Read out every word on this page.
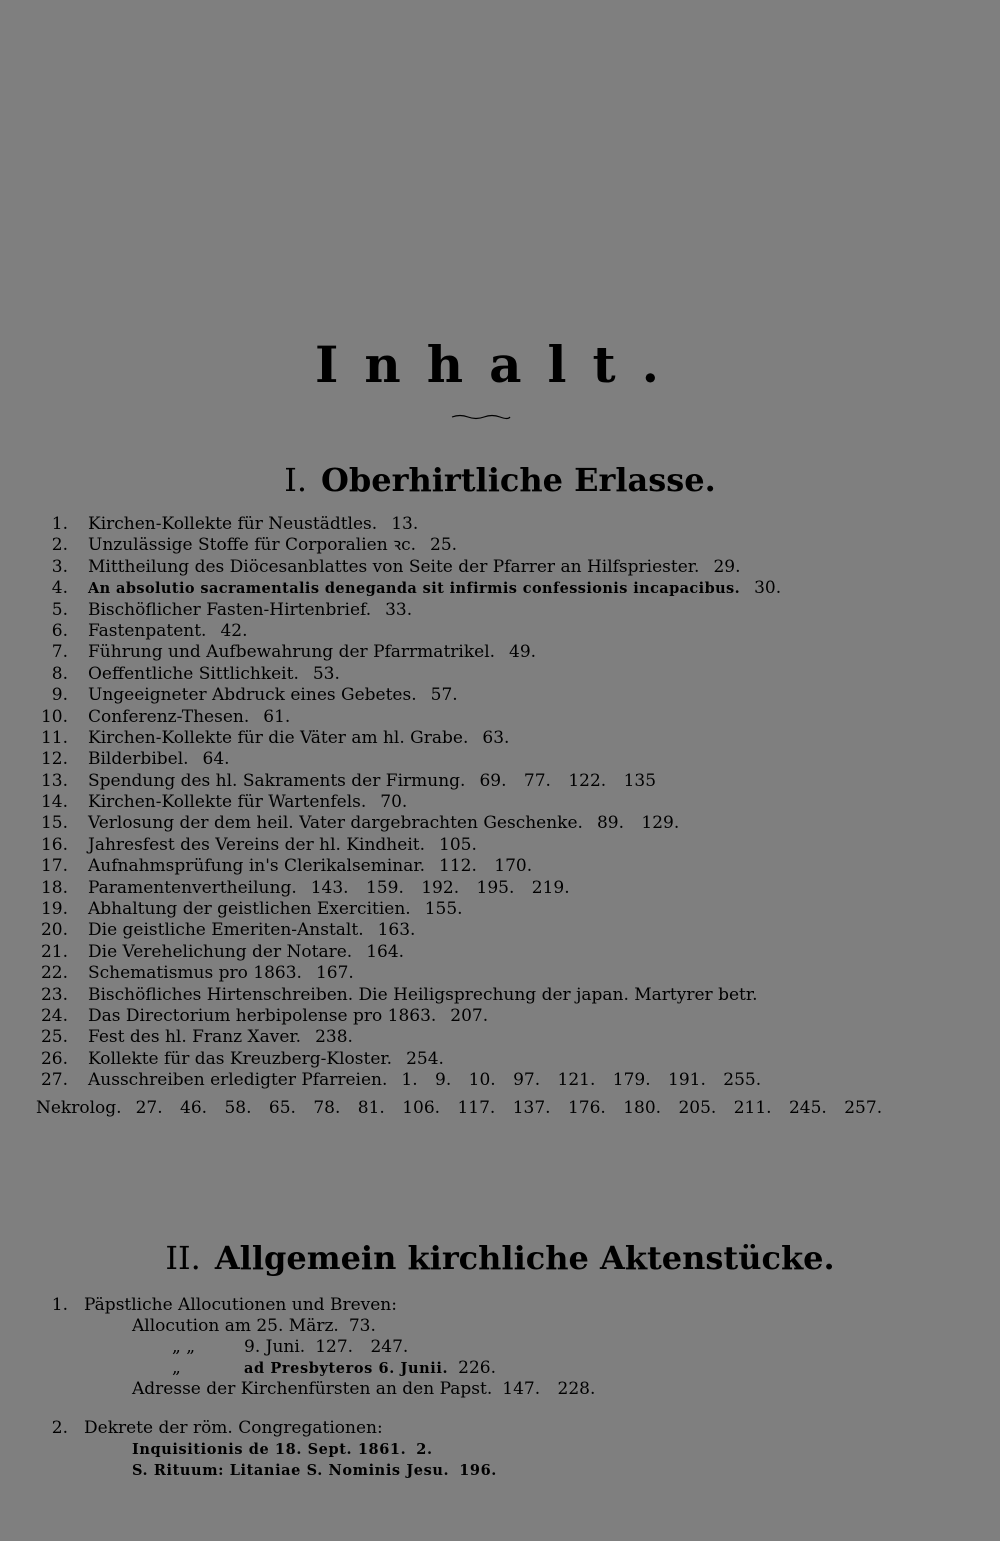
Inhalt.
I. Oberhirtliche Erlasse.
1. Kirchen-Kollekte für Neustädtles. 13.
2. Unzulässige Stoffe für Corporalien ꝛc. 25.
3. Mittheilung des Diöcesanblattes von Seite der Pfarrer an Hilfspriester. 29.
4. An absolutio sacramentalis deneganda sit infirmis confessionis incapacibus. 30.
5. Bischöflicher Fasten-Hirtenbrief. 33.
6. Fastenpatent. 42.
7. Führung und Aufbewahrung der Pfarrmatrikel. 49.
8. Oeffentliche Sittlichkeit. 53.
9. Ungeeigneter Abdruck eines Gebetes. 57.
10. Conferenz-Thesen. 61.
11. Kirchen-Kollekte für die Väter am hl. Grabe. 63.
12. Bilderbibel. 64.
13. Spendung des hl. Sakraments der Firmung. 69. 77. 122. 135
14. Kirchen-Kollekte für Wartenfels. 70.
15. Verlosung der dem heil. Vater dargebrachten Geschenke. 89. 129.
16. Jahresfest des Vereins der hl. Kindheit. 105.
17. Aufnahmsprüfung in's Clerikalseminar. 112. 170.
18. Paramentenvertheilung. 143. 159. 192. 195. 219.
19. Abhaltung der geistlichen Exercitien. 155.
20. Die geistliche Emeriten-Anstalt. 163.
21. Die Verehelichung der Notare. 164.
22. Schematismus pro 1863. 167.
23. Bischöfliches Hirtenschreiben. Die Heiligsprechung der japan. Martyrer betr.
24. Das Directorium herbipolense pro 1863. 207.
25. Fest des hl. Franz Xaver. 238.
26. Kollekte für das Kreuzberg-Kloster. 254.
27. Ausschreiben erledigter Pfarreien. 1. 9. 10. 97. 121. 179. 191. 255.
Nekrolog. 27. 46. 58. 65. 78. 81. 106. 117. 137. 176. 180. 205. 211. 245. 257.
II. Allgemein kirchliche Aktenstücke.
1. Päpstliche Allocutionen und Breven:
Allocution am 25. März. 73.
„ „	9. Juni. 127. 247.
„	ad Presbyteros 6. Junii. 226.
Adresse der Kirchenfürsten an den Papst. 147. 228.
2. Dekrete der röm. Congregationen:
Inquisitionis de 18. Sept. 1861. 2.
S. Rituum: Litaniae S. Nominis Jesu. 196.
